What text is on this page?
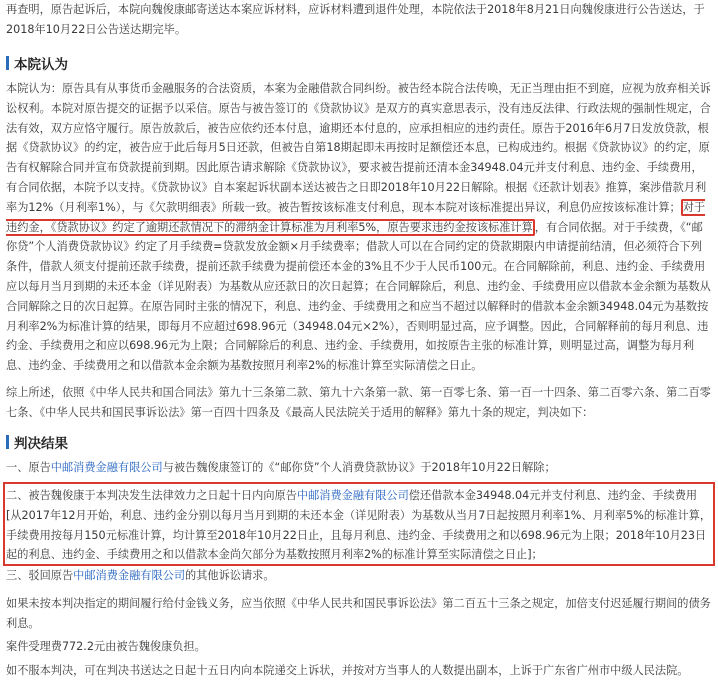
再查明，原告起诉后，本院向魏俊康邮寄送达本案应诉材料，应诉材料遭到退件处理，本院依法于2018年8月21日向魏俊康进行公告送达，于2018年10月22日公告送达期完毕。

本院认为

本院认为：原告具有从事货币金融服务的合法资质，本案为金融借款合同纠纷。被告经本院合法传唤，无正当理由拒不到庭，应视为放弃相关诉讼权利。本院对原告提交的证据予以采信。原告与被告签订的《贷款协议》是双方的真实意思表示，没有违反法律、行政法规的强制性规定，合法有效，双方应恪守履行。原告放款后，被告应依约还本付息，逾期还本付息的，应承担相应的违约责任。原告于2016年6月7日发放贷款，根据《贷款协议》的约定，被告应于此后每月5日还款，但被告自第18期起即未再按时足额偿还本息，已构成违约。根据《贷款协议》的约定，原告有权解除合同并宣布贷款提前到期。因此原告请求解除《贷款协议》，要求被告提前还清本金34948.04元并支付利息、违约金、手续费用，有合同依据，本院予以支持。《贷款协议》自本案起诉状副本送达被告之日即2018年10月22日解除。根据《还款计划表》推算，案涉借款月利率为12%（月利率1%），与《欠款明细表》所载一致。被告暂按该标准支付利息，现本本院对该标准提出异议，利息仍应按该标准计算； 对于违约金，《贷款协议》约定了逾期还款情况下的滞纳金计算标准为月利率5%，原告要求违约金按该标准计算 ，有合同依据。对于手续费，《“邮你贷”个人消费贷款协议》约定了月手续费=贷款发放金额×月手续费率；借款人可以在合同约定的贷款期限内申请提前结清，但必须符合下列条件，借款人须支付提前还款手续费，提前还款手续费为提前偿还本金的3%且不少于人民币100元。在合同解除前，利息、违约金、手续费用应以每月当月到期的未还本金（详见附表）为基数从应还款日的次日起算；在合同解除后，利息、违约金、手续费用应以借款本金余额为基数从合同解除之日的次日起算。在原告同时主张的情况下，利息、违约金、手续费用之和应当不超过以解释时的借款本金余额34948.04元为基数按月利率2%为标准计算的结果，即每月不应超过698.96元（34948.04元×2%），否则明显过高，应予调整。因此，合同解释前的每月利息、违约金、手续费用之和应以698.96元为上限；合同解除后的利息、违约金、手续费用，如按原告主张的标准计算，则明显过高，调整为每月利息、违约金、手续费用之和以借款本金余额为基数按照月利率2%的标准计算至实际清偿之日止。

综上所述，依照《中华人民共和国合同法》第九十三条第二款、第九十六条第一款、第一百零七条、第一百一十四条、第二百零六条、第二百零七条、《中华人民共和国民事诉讼法》第一百四十四条及《最高人民法院关于适用的解释》第九十条的规定，判决如下：

判决结果

一、原告中邮消费金融有限公司与被告魏俊康签订的《“邮你贷”个人消费贷款协议》于2018年10月22日解除；

二、被告魏俊康于本判决发生法律效力之日起十日内向原告中邮消费金融有限公司偿还借款本金34948.04元并支付利息、违约金、手续费用[从2017年12月开始，利息、违约金分别以每月当月到期的未还本金（详见附表）为基数从当月7日起按照月利率1%、月利率5%的标准计算，手续费用按每月150元标准计算，均计算至2018年10月22日止，且每月利息、违约金、手续费用之和以698.96元为上限；2018年10月23日起的利息、违约金、手续费用之和以借款本金尚欠部分为基数按照月利率2%的标准计算至实际清偿之日止]；

三、驳回原告中邮消费金融有限公司的其他诉讼请求。

如果未按本判决指定的期间履行给付金钱义务，应当依照《中华人民共和国民事诉讼法》第二百五十三条之规定，加倍支付迟延履行期间的债务利息。

案件受理费772.2元由被告魏俊康负担。

如不服本判决，可在判决书送达之日起十五日内向本院递交上诉状，并按对方当事人的人数提出副本，上诉于广东省广州市中级人民法院。
